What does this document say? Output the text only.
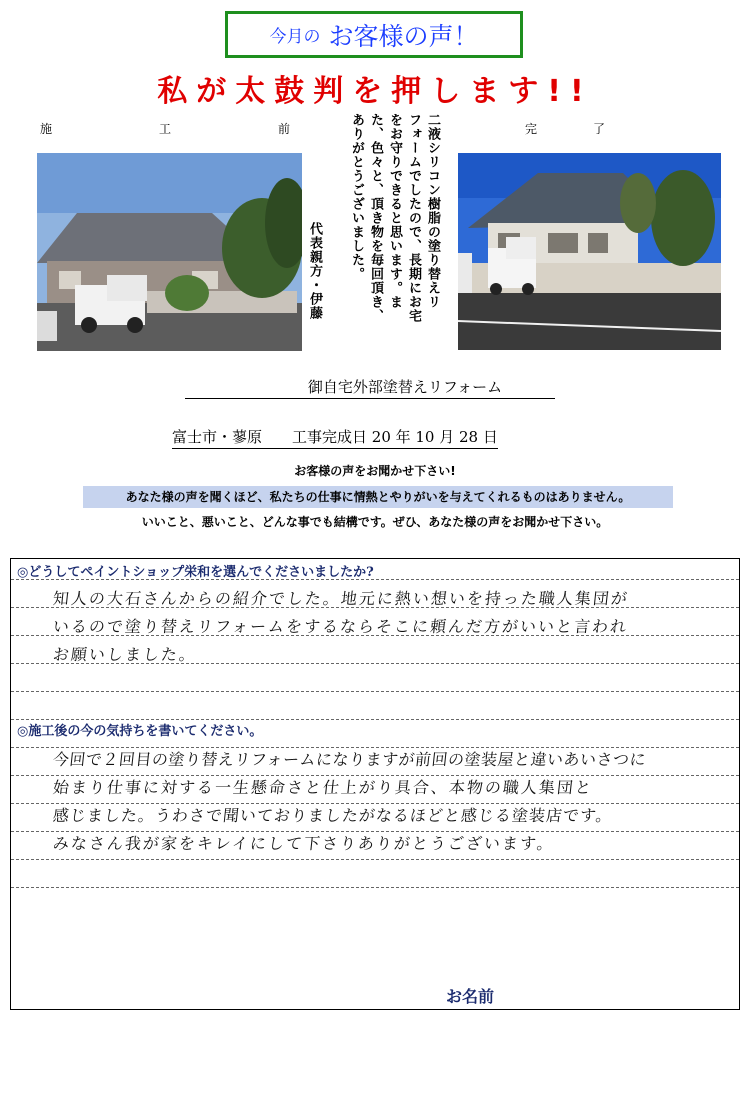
今月の お客様の声！
私が太鼓判を押します!!
施	工	前	完	了
二液シリコン樹脂の塗り替えリ
フォームでしたので、長期にお宅
をお守りできると思います。ま
た、色々と、頂き物を毎回頂き、
ありがとうございました。
代表親方・伊藤
御自宅外部塗替えリフォーム
富士市・蓼原　　工事完成日 20 年 10 月 28 日
お客様の声をお聞かせ下さい!
あなた様の声を聞くほど、私たちの仕事に情熱とやりがいを与えてくれるものはありません。
いいこと、悪いこと、どんな事でも結構です。ぜひ、あなた様の声をお聞かせ下さい。
◎どうしてペイントショップ栄和を選んでくださいましたか?
知人の大石さんからの紹介でした。地元に熱い想いを持った職人集団が
いるので塗り替えリフォームをするならそこに頼んだ方がいいと言われ
お願いしました。
◎施工後の今の気持ちを書いてください。
今回で２回目の塗り替えリフォームになりますが前回の塗装屋と違いあいさつに
始まり仕事に対する一生懸命さと仕上がり具合、本物の職人集団と
感じました。うわさで聞いておりましたがなるほどと感じる塗装店です。
みなさん我が家をキレイにして下さりありがとうございます。
お名前
